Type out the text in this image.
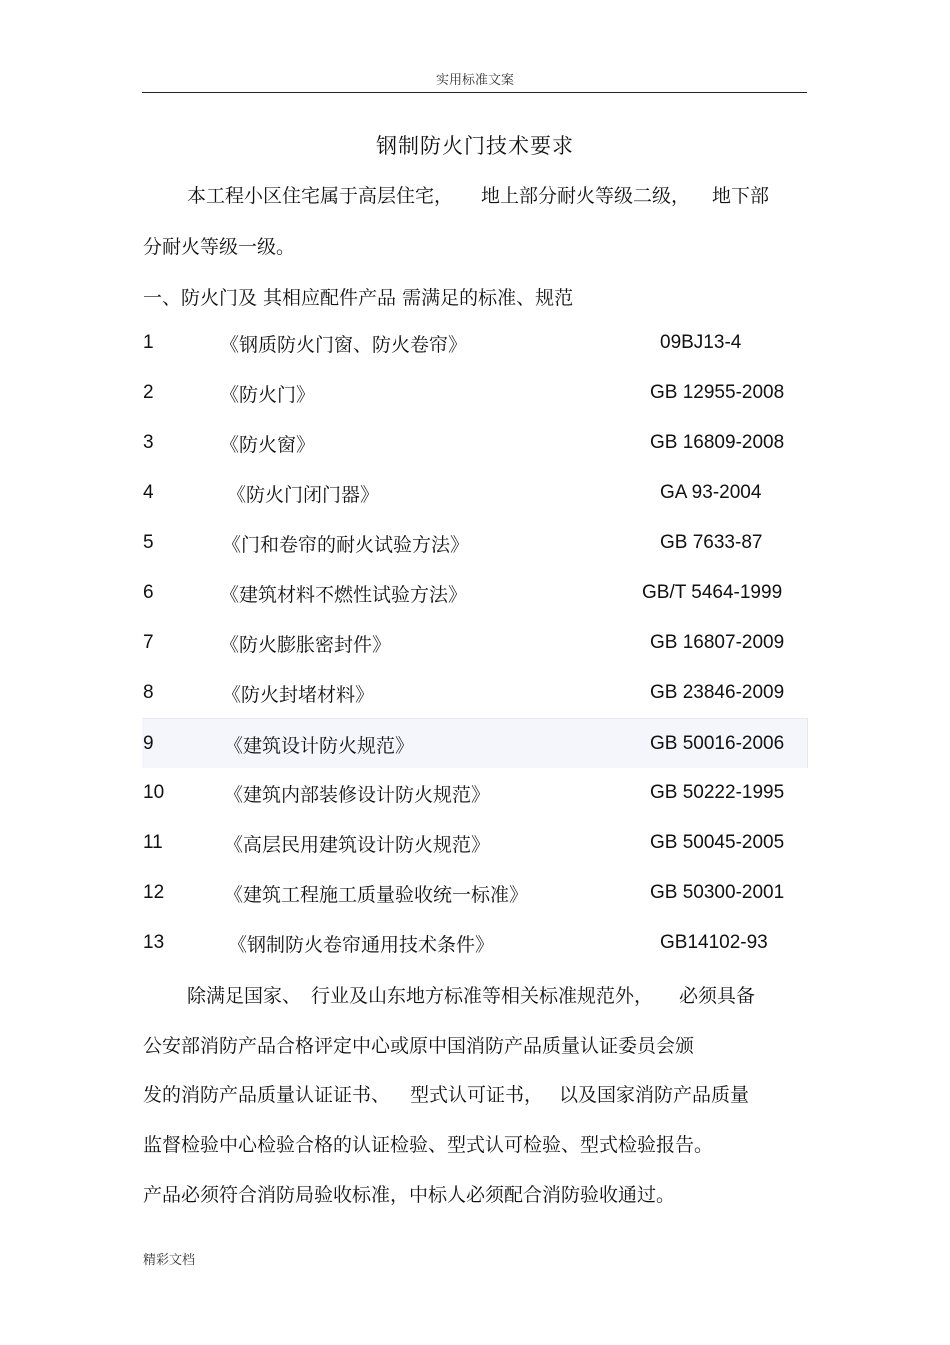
实用标准文案
钢制防火门技术要求
本工程小区住宅属于高层住宅， 地上部分耐火等级二级， 地下部
分耐火等级一级。
一、防火门及 其相应配件产品 需满足的标准、规范
1	《钢质防火门窗、防火卷帘》	09BJ13-4
2	《防火门》	GB 12955-2008
3	《防火窗》	GB 16809-2008
4	《防火门闭门器》	GA 93-2004
5	《门和卷帘的耐火试验方法》	GB 7633-87
6	《建筑材料不燃性试验方法》	GB/T 5464-1999
7	《防火膨胀密封件》	GB 16807-2009
8	《防火封堵材料》	GB 23846-2009
9	《建筑设计防火规范》	GB 50016-2006
10	《建筑内部装修设计防火规范》	GB 50222-1995
11	《高层民用建筑设计防火规范》	GB 50045-2005
12	《建筑工程施工质量验收统一标准》	GB 50300-2001
13	《钢制防火卷帘通用技术条件》	GB14102-93
除满足国家、 行业及山东地方标准等相关标准规范外， 必须具备
公安部消防产品合格评定中心或原中国消防产品质量认证委员会颁
发的消防产品质量认证证书、 型式认可证书， 以及国家消防产品质量
监督检验中心检验合格的认证检验、型式认可检验、型式检验报告。
产品必须符合消防局验收标准，中标人必须配合消防验收通过。
精彩文档
